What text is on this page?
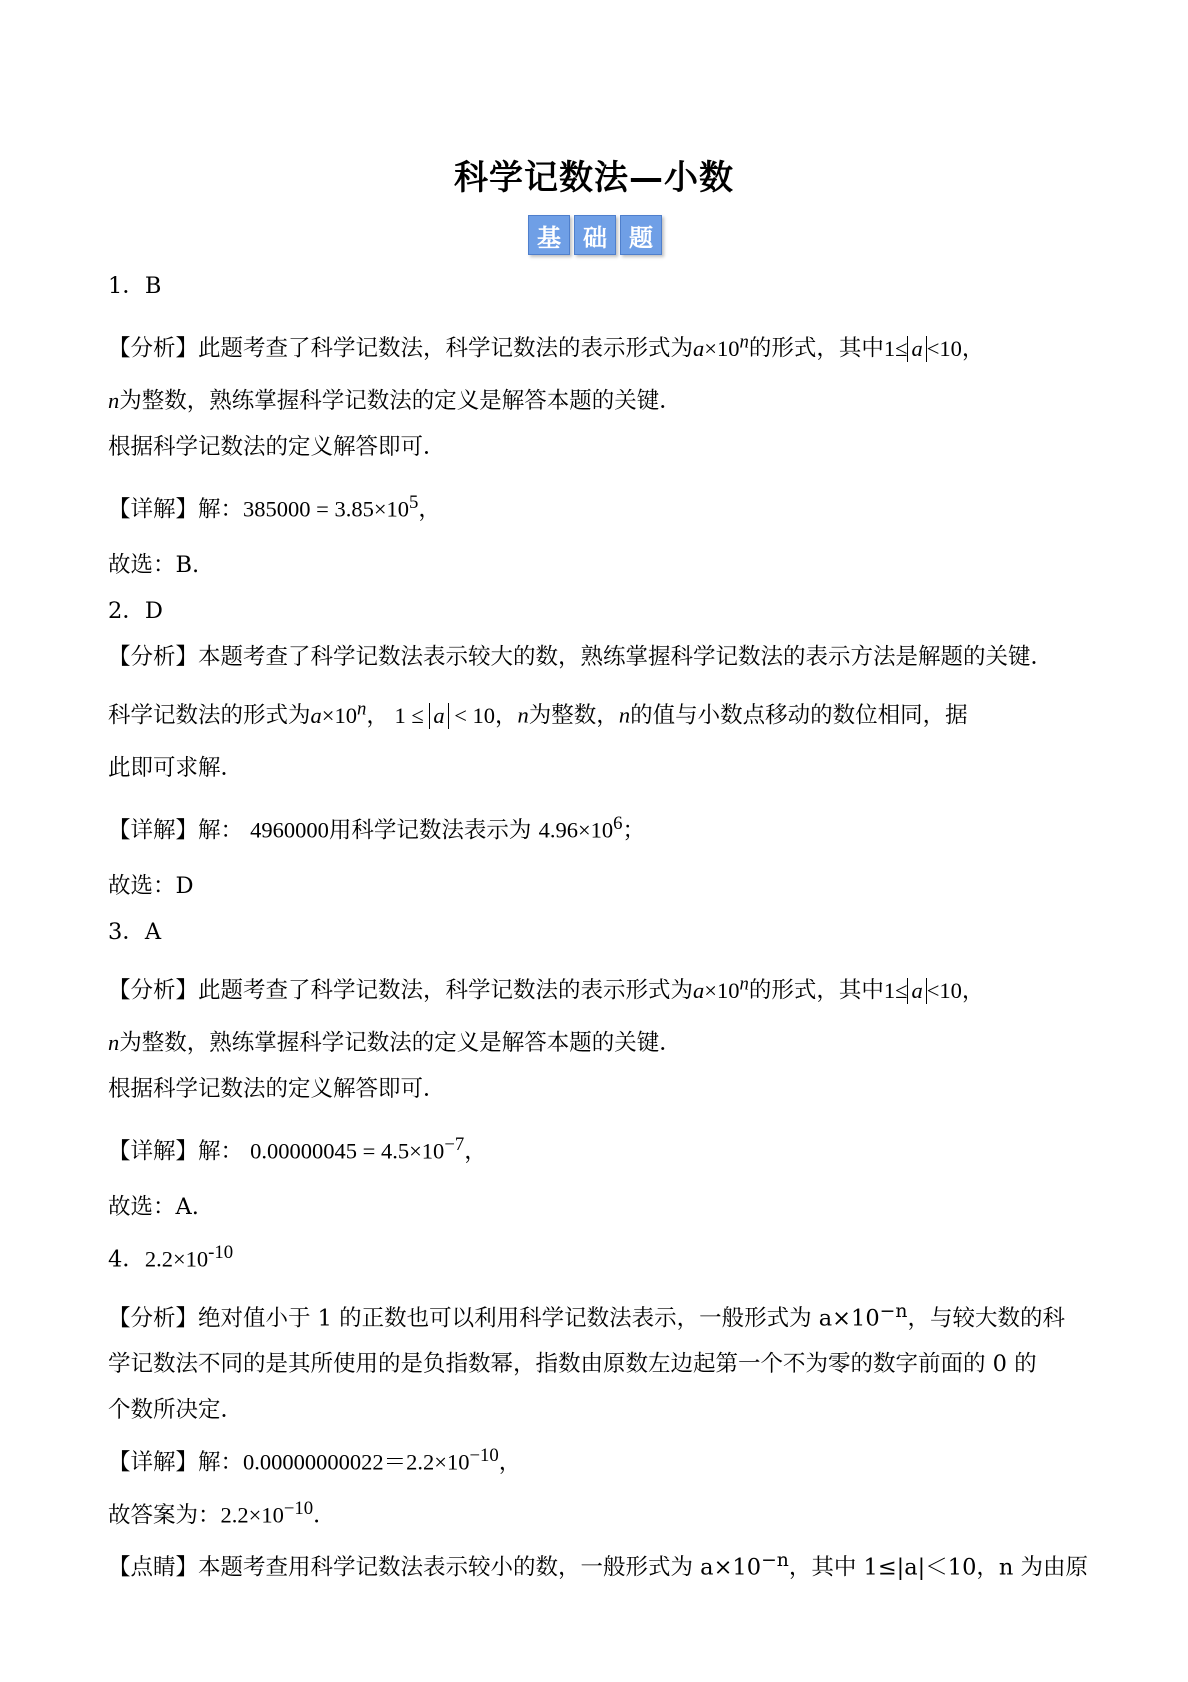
科学记数法—小数
基 础 题
1．B
【分析】此题考查了科学记数法，科学记数法的表示形式为$a\times 10^n$的形式，其中1≤ a <10，
n为整数，熟练掌握科学记数法的定义是解答本题的关键．
根据科学记数法的定义解答即可．
【详解】解：$385000 = 3.85\times 10^5$，
故选：B.
2．D
【分析】本题考查了科学记数法表示较大的数，熟练掌握科学记数法的表示方法是解题的关键．
科学记数法的形式为$a\times 10^n$， 1 ≤ a < 10，n为整数，n的值与小数点移动的数位相同，据
此即可求解．
【详解】解： 4960000用科学记数法表示为 $4.96\times 10^6$；
故选：D
3．A
【分析】此题考查了科学记数法，科学记数法的表示形式为$a\times 10^n$的形式，其中1≤ a <10，
n为整数，熟练掌握科学记数法的定义是解答本题的关键．
根据科学记数法的定义解答即可．
【详解】解： $0.00000045 = 4.5\times 10^{-7}$，
故选：A.
4．$2.2\times 10^{-10}$
【分析】绝对值小于 1 的正数也可以利用科学记数法表示，一般形式为 $a\times 10^{-n}$，与较大数的科
学记数法不同的是其所使用的是负指数幂，指数由原数左边起第一个不为零的数字前面的 0 的
个数所决定．
【详解】解：$0.00000000022=2.2\times 10^{-10}$，
故答案为：$2.2\times 10^{-10}$．
【点睛】本题考查用科学记数法表示较小的数，一般形式为 $a\times 10^{-n}$，其中 1≤|a|＜10，n 为由原
